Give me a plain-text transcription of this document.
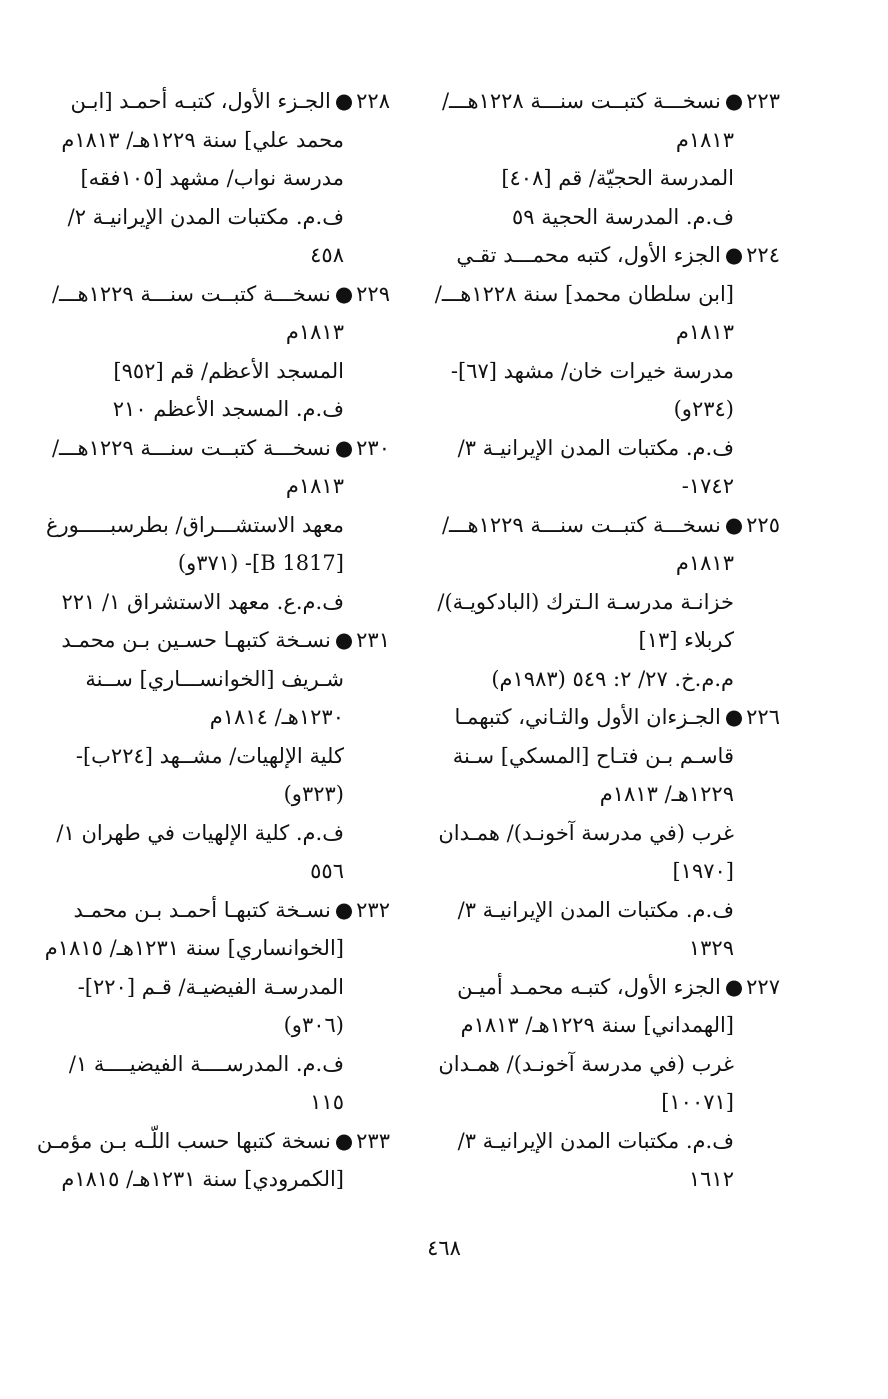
٢٢٣●نسخـــة كتبــت سنـــة ١٢٢٨هـــ/
١٨١٣م
المدرسة الحجيّة/ قم [٤٠٨]
ف.م. المدرسة الحجية ٥٩
٢٢٤●الجزء الأول، كتبه محمـــد تقـي
[ابن سلطان محمد] سنة ١٢٢٨هـــ/
١٨١٣م
مدرسة خيرات خان/ مشهد [٦٧]-
(٢٣٤و)
ف.م. مكتبات المدن الإيرانيـة ٣/
١٧٤٢-
٢٢٥●نسخـــة كتبــت سنـــة ١٢٢٩هـــ/
١٨١٣م
خزانـة مدرسـة الـترك (البادكويـة)/
كربلاء [١٣]
م.م.خ. ٢٧/ ٢: ٥٤٩ (١٩٨٣م)
٢٢٦●الجـزءان الأول والثـاني، كتبهمـا
قاسـم بـن فتـاح [المسكي] سـنة
١٢٢٩هـ/ ١٨١٣م
غرب (في مدرسة آخونـد)/ همـدان
[١٩٧٠]
ف.م. مكتبات المدن الإيرانيـة ٣/
١٣٢٩
٢٢٧●الجزء الأول، كتبـه محمـد أميـن
[الهمداني] سنة ١٢٢٩هـ/ ١٨١٣م
غرب (في مدرسة آخونـد)/ همـدان
[١٠٠٧١]
ف.م. مكتبات المدن الإيرانيـة ٣/
١٦١٢
٢٢٨●الجـزء الأول، كتبـه أحمـد [ابـن
محمد علي] سنة ١٢٢٩هـ/ ١٨١٣م
مدرسة نواب/ مشهد [١٠٥فقه]
ف.م. مكتبات المدن الإيرانيـة ٢/
٤٥٨
٢٢٩●نسخـــة كتبــت سنـــة ١٢٢٩هـــ/
١٨١٣م
المسجد الأعظم/ قم [٩٥٢]
ف.م. المسجد الأعظم ٢١٠
٢٣٠●نسخـــة كتبــت سنـــة ١٢٢٩هـــ/
١٨١٣م
معهد الاستشـــراق/ بطرسبـــــورغ
[B 1817]- (٣٧١و)
ف.م.ع. معهد الاستشراق ١/ ٢٢١
٢٣١●نسـخة كتبهـا حسـين بـن محمـد
شـريف [الخوانســـاري] ســنة
١٢٣٠هـ/ ١٨١٤م
كلية الإلهيات/ مشــهد [٢٢٤ب]-
(٣٢٣و)
ف.م. كلية الإلهيات في طهران ١/
٥٥٦
٢٣٢●نسـخة كتبهـا أحمـد بـن محمـد
[الخوانساري] سنة ١٢٣١هـ/ ١٨١٥م
المدرسـة الفيضيـة/ قـم [٢٢٠]-
(٣٠٦و)
ف.م. المدرســــة الفيضيــــة ١/
١١٥
٢٣٣●نسخة كتبها حسب اللّـه بـن مؤمـن
[الكمرودي] سنة ١٢٣١هـ/ ١٨١٥م
٤٦٨
